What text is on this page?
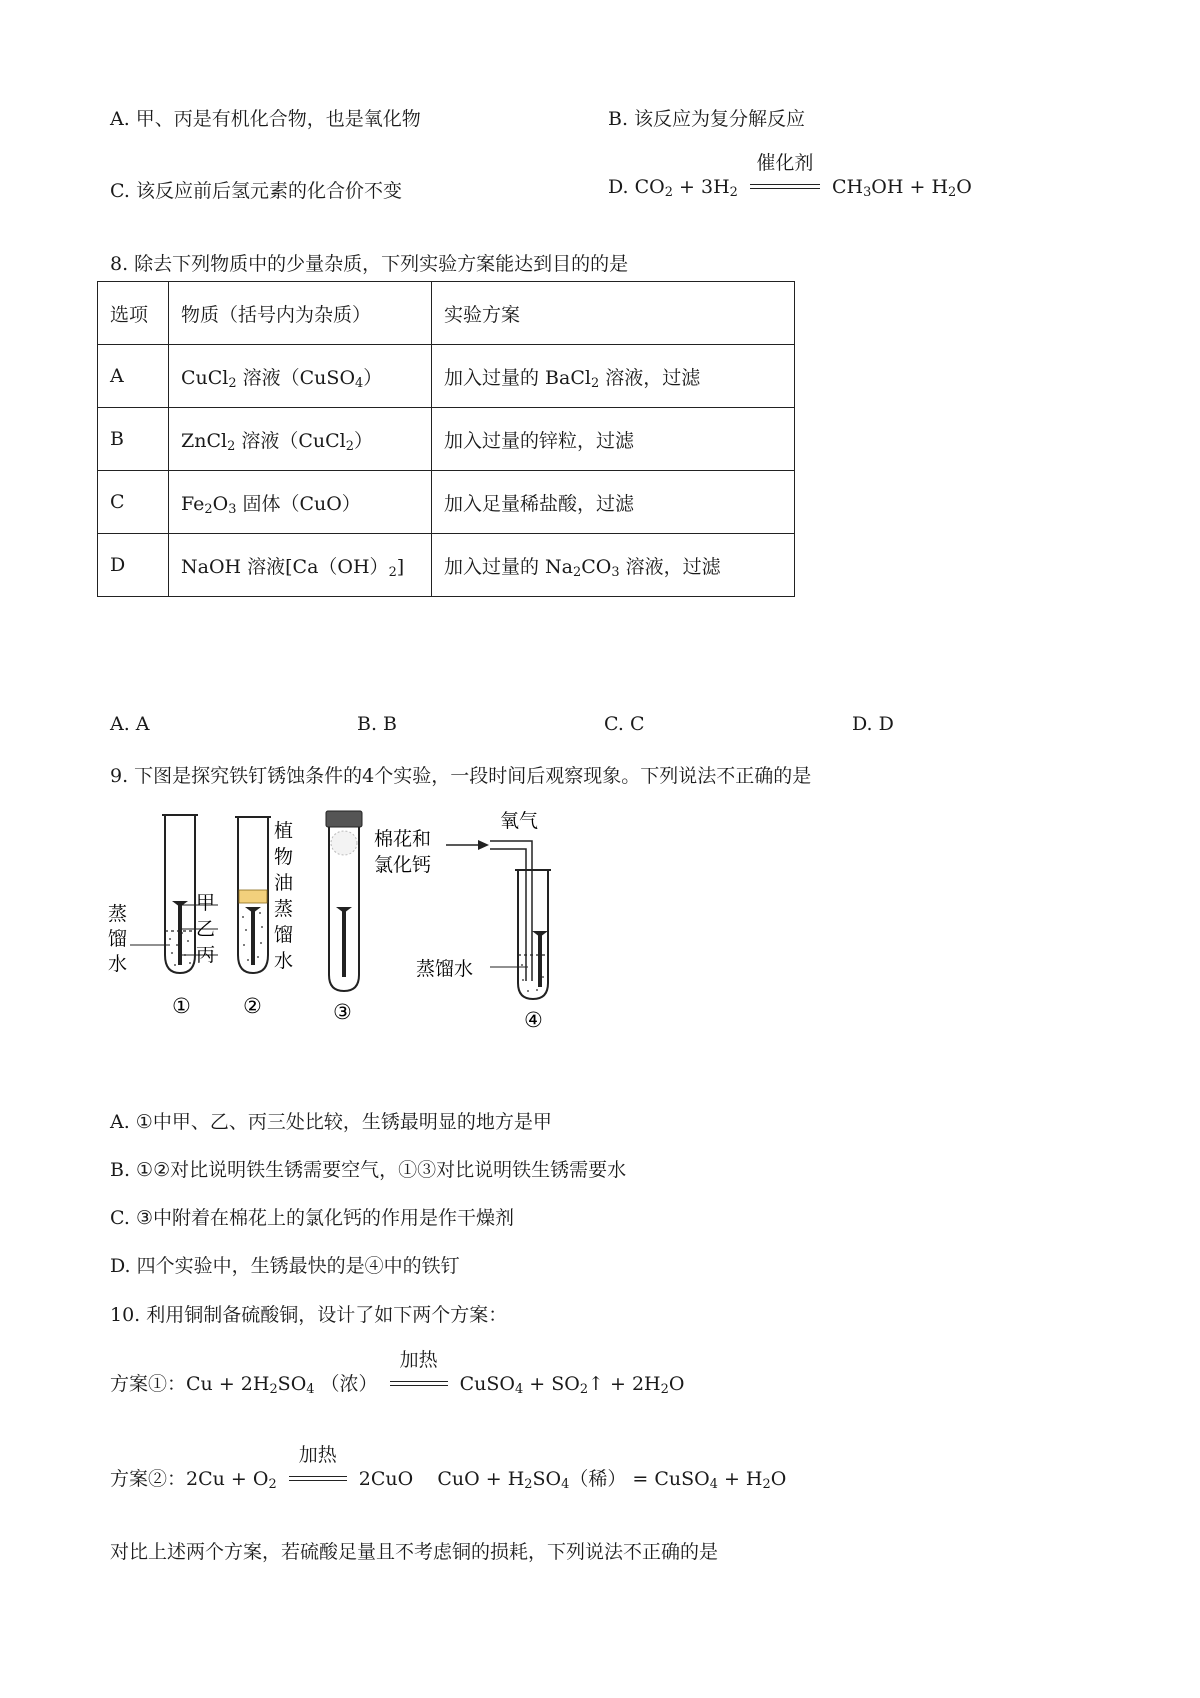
A. 甲、丙是有机化合物，也是氧化物	B. 该反应为复分解反应
C. 该反应前后氢元素的化合价不变	D. $CO_2 + 3H_2$
催化剂
$CH_3OH + H_2O$
8. 除去下列物质中的少量杂质，下列实验方案能达到目的的是
选项	物质（括号内为杂质）	实验方案
A	CuCl$_2$ 溶液（CuSO$_4$）	加入过量的 BaCl$_2$ 溶液，过滤
B	ZnCl$_2$ 溶液（CuCl$_2$）	加入过量的锌粒，过滤
C	$Fe_2O_3$ 固体（CuO）	加入足量稀盐酸，过滤
D	NaOH 溶液$[Ca(OH)_2]$	加入过量的 $Na_2CO_3$ 溶液，过滤
A. A	B. B	C. C	D. D
9. 下图是探究铁钉锈蚀条件的4个实验，一段时间后观察现象。下列说法不正确的是
蒸
馏
水
甲
乙
丙
①
植
物
油
蒸
馏
水
②
棉花和
氯化钙
③
氧气
蒸馏水
④
A. ①中甲、乙、丙三处比较，生锈最明显的地方是甲
B. ①②对比说明铁生锈需要空气，①③对比说明铁生锈需要水
C. ③中附着在棉花上的氯化钙的作用是作干燥剂
D. 四个实验中，生锈最快的是④中的铁钉
10. 利用铜制备硫酸铜，设计了如下两个方案：
方案①：$Cu + 2H_2SO_4$ （浓）
加热
CuSO$_4$ + $SO_2↑ + 2H_2O$
方案②：$2Cu + O_2$
加热
2CuO    CuO + $H_2SO_4$（稀） = CuSO$_4$ + $H_2O$
对比上述两个方案，若硫酸足量且不考虑铜的损耗，下列说法不正确的是
